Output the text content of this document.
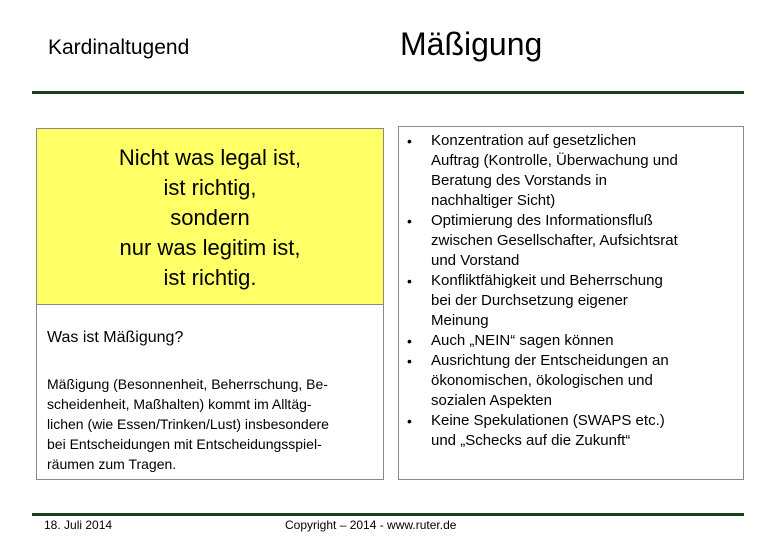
Kardinaltugend	Mäßigung

Nicht was legal ist,
ist richtig,
sondern
nur was legitim ist,
ist richtig.

Was ist Mäßigung?

Mäßigung (Besonnenheit, Beherrschung, Be-
scheidenheit, Maßhalten) kommt im Alltäg-
lichen (wie Essen/Trinken/Lust) insbesondere
bei Entscheidungen mit Entscheidungsspiel-
räumen zum Tragen.

• Konzentration auf gesetzlichen
Auftrag (Kontrolle, Überwachung und
Beratung des Vorstands in
nachhaltiger Sicht)
• Optimierung des Informationsfluß
zwischen Gesellschafter, Aufsichtsrat
und Vorstand
• Konfliktfähigkeit und Beherrschung
bei der Durchsetzung eigener
Meinung
• Auch „NEIN“ sagen können
• Ausrichtung der Entscheidungen an
ökonomischen, ökologischen und
sozialen Aspekten
• Keine Spekulationen (SWAPS etc.)
und „Schecks auf die Zukunft“
18. Juli 2014	Copyright – 2014 - www.ruter.de
